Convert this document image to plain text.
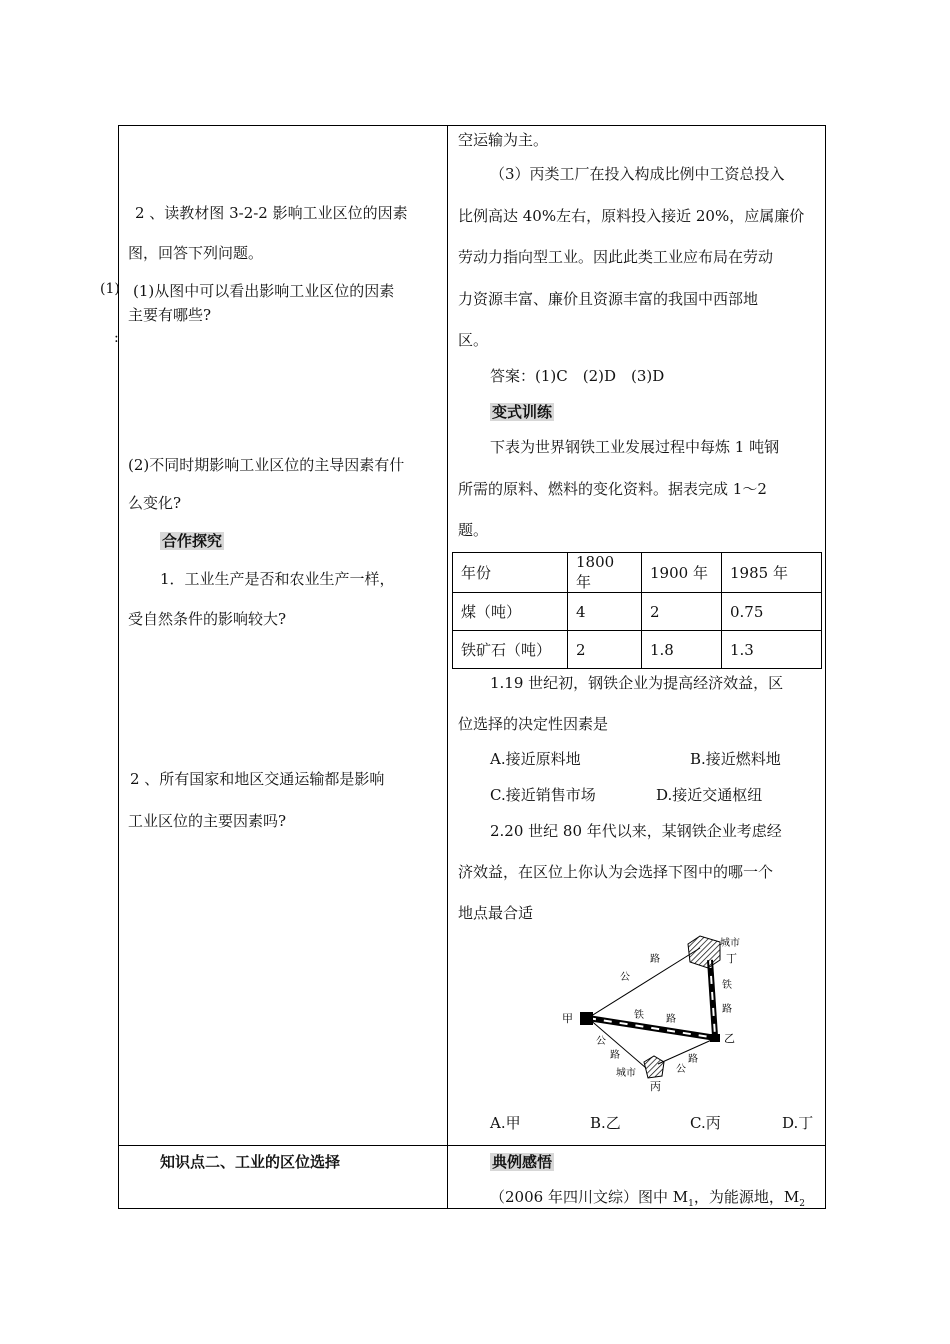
(1)
:
2 、读教材图 3-2-2 影响工业区位的因素
图，回答下列问题。
(1)从图中可以看出影响工业区位的因素
主要有哪些?
(2)不同时期影响工业区位的主导因素有什
么变化?
合作探究
1．工业生产是否和农业生产一样，
受自然条件的影响较大?
2 、所有国家和地区交通运输都是影响
工业区位的主要因素吗?
知识点二、工业的区位选择
空运输为主。
（3）丙类工厂在投入构成比例中工资总投入
比例高达 40%左右，原料投入接近 20%，应属廉价
劳动力指向型工业。因此此类工业应布局在劳动
力资源丰富、廉价且资源丰富的我国中西部地
区。
答案：(1)C　(2)D　(3)D
变式训练
下表为世界钢铁工业发展过程中每炼 1 吨钢
所需的原料、燃料的变化资料。据表完成 1～2
题。
年份	1800 年	1900 年	1985 年
煤（吨）	4	2	0.75
铁矿石（吨）	2	1.8	1.3
1.19 世纪初，钢铁企业为提高经济效益，区
位选择的决定性因素是
A.接近原料地	B.接近燃料地
C.接近销售市场	D.接近交通枢纽
2.20 世纪 80 年代以来，某钢铁企业考虑经
济效益，在区位上你认为会选择下图中的哪一个
地点最合适
甲
乙
丙
丁
城市
城市
公
路
铁
路
铁 路
公
路
公
路
A.甲	B.乙	C.丙	D.丁
典例感悟
（2006 年四川文综）图中 $M_1$，为能源地，$M_2$
